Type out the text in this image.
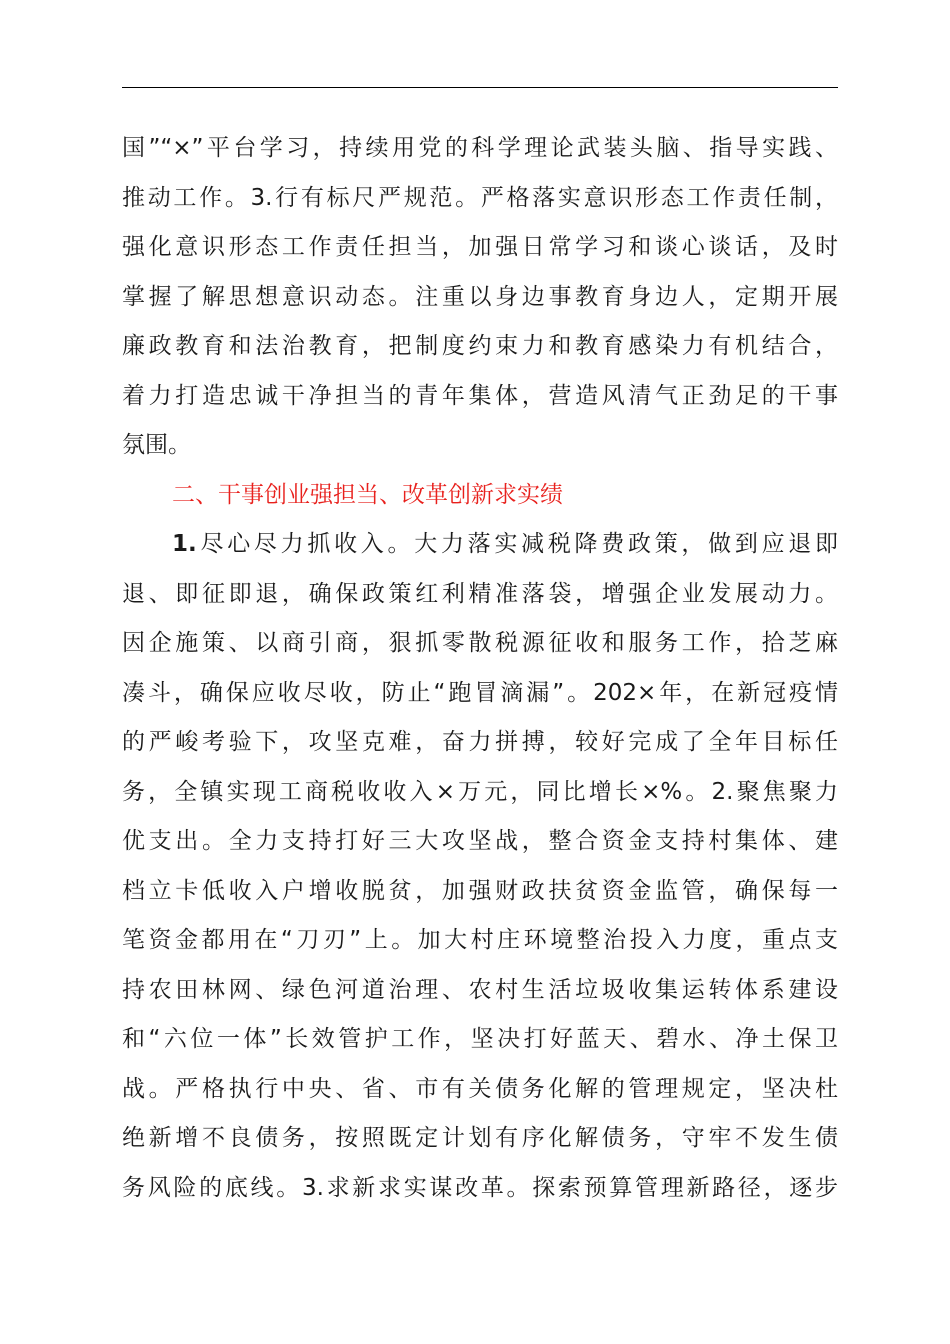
国”“×”平台学习，持续用党的科学理论武装头脑、指导实践、
推动工作。3.行有标尺严规范。严格落实意识形态工作责任制，
强化意识形态工作责任担当，加强日常学习和谈心谈话，及时
掌握了解思想意识动态。注重以身边事教育身边人，定期开展
廉政教育和法治教育，把制度约束力和教育感染力有机结合，
着力打造忠诚干净担当的青年集体，营造风清气正劲足的干事
氛围。
二、干事创业强担当、改革创新求实绩
1.尽心尽力抓收入。大力落实减税降费政策，做到应退即
退、即征即退，确保政策红利精准落袋，增强企业发展动力。
因企施策、以商引商，狠抓零散税源征收和服务工作，拾芝麻
凑斗，确保应收尽收，防止“跑冒滴漏”。202×年，在新冠疫情
的严峻考验下，攻坚克难，奋力拼搏，较好完成了全年目标任
务，全镇实现工商税收收入×万元，同比增长×%。2.聚焦聚力
优支出。全力支持打好三大攻坚战，整合资金支持村集体、建
档立卡低收入户增收脱贫，加强财政扶贫资金监管，确保每一
笔资金都用在“刀刃”上。加大村庄环境整治投入力度，重点支
持农田林网、绿色河道治理、农村生活垃圾收集运转体系建设
和“六位一体”长效管护工作，坚决打好蓝天、碧水、净土保卫
战。严格执行中央、省、市有关债务化解的管理规定，坚决杜
绝新增不良债务，按照既定计划有序化解债务，守牢不发生债
务风险的底线。3.求新求实谋改革。探索预算管理新路径，逐步
